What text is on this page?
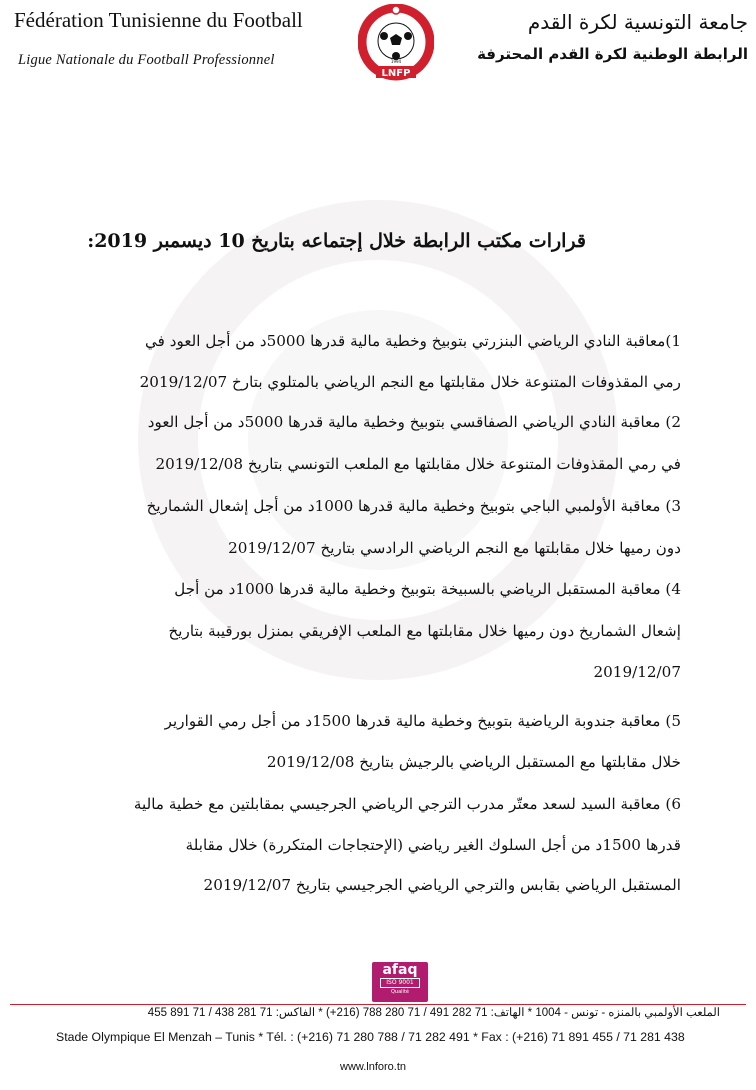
Fédération Tunisienne du Football
Ligue Nationale du Football Professionnel
LNFP
1994
جامعة التونسية لكرة القدم
الرابطة الوطنية لكرة القدم المحترفة
قرارات مكتب الرابطة خلال إجتماعه بتاريخ 10 ديسمبر 2019:
1)معاقبة النادي الرياضي البنزرتي بتوبيخ وخطية مالية قدرها 5000د من أجل العود في
رمي المقذوفات المتنوعة خلال مقابلتها مع النجم الرياضي بالمتلوي بتارخ 2019/12/07
2) معاقبة النادي الرياضي الصفاقسي بتوبيخ وخطية مالية قدرها 5000د من أجل العود
في رمي المقذوفات المتنوعة خلال مقابلتها مع الملعب التونسي بتاريخ 2019/12/08
3) معاقبة الأولمبي الباجي بتوبيخ وخطية مالية قدرها 1000د من أجل إشعال الشماريخ
دون رميها خلال مقابلتها مع النجم الرياضي الرادسي بتاريخ 2019/12/07
4) معاقبة المستقبل الرياضي بالسبيخة بتوبيخ وخطية مالية قدرها 1000د من أجل
إشعال الشماريخ دون رميها خلال مقابلتها مع الملعب الإفريقي بمنزل بورقيبة بتاريخ
2019/12/07
5) معاقبة جندوبة الرياضية بتوبيخ وخطية مالية قدرها 1500د من أجل رمي القوارير
خلال مقابلتها مع المستقبل الرياضي بالرجيش بتاريخ 2019/12/08
6) معاقبة السيد لسعد معتّر مدرب الترجي الرياضي الجرجيسي بمقابلتين مع خطية مالية
قدرها 1500د من أجل السلوك الغير رياضي (الإحتجاجات المتكررة) خلال مقابلة
المستقبل الرياضي بقابس والترجي الرياضي الجرجيسي بتاريخ 2019/12/07
afaq
ISO 9001
Qualité
الملعب الأولمبي بالمنزه - تونس - 1004 * الهاتف: 71 282 491 / 71 280 788 (216+) * الفاكس: 71 281 438 / 71 891 455
Stade Olympique El Menzah – Tunis * Tél. : (+216) 71 280 788 / 71 282 491 * Fax : (+216) 71 891 455 / 71 281 438
www.lnforo.tn
